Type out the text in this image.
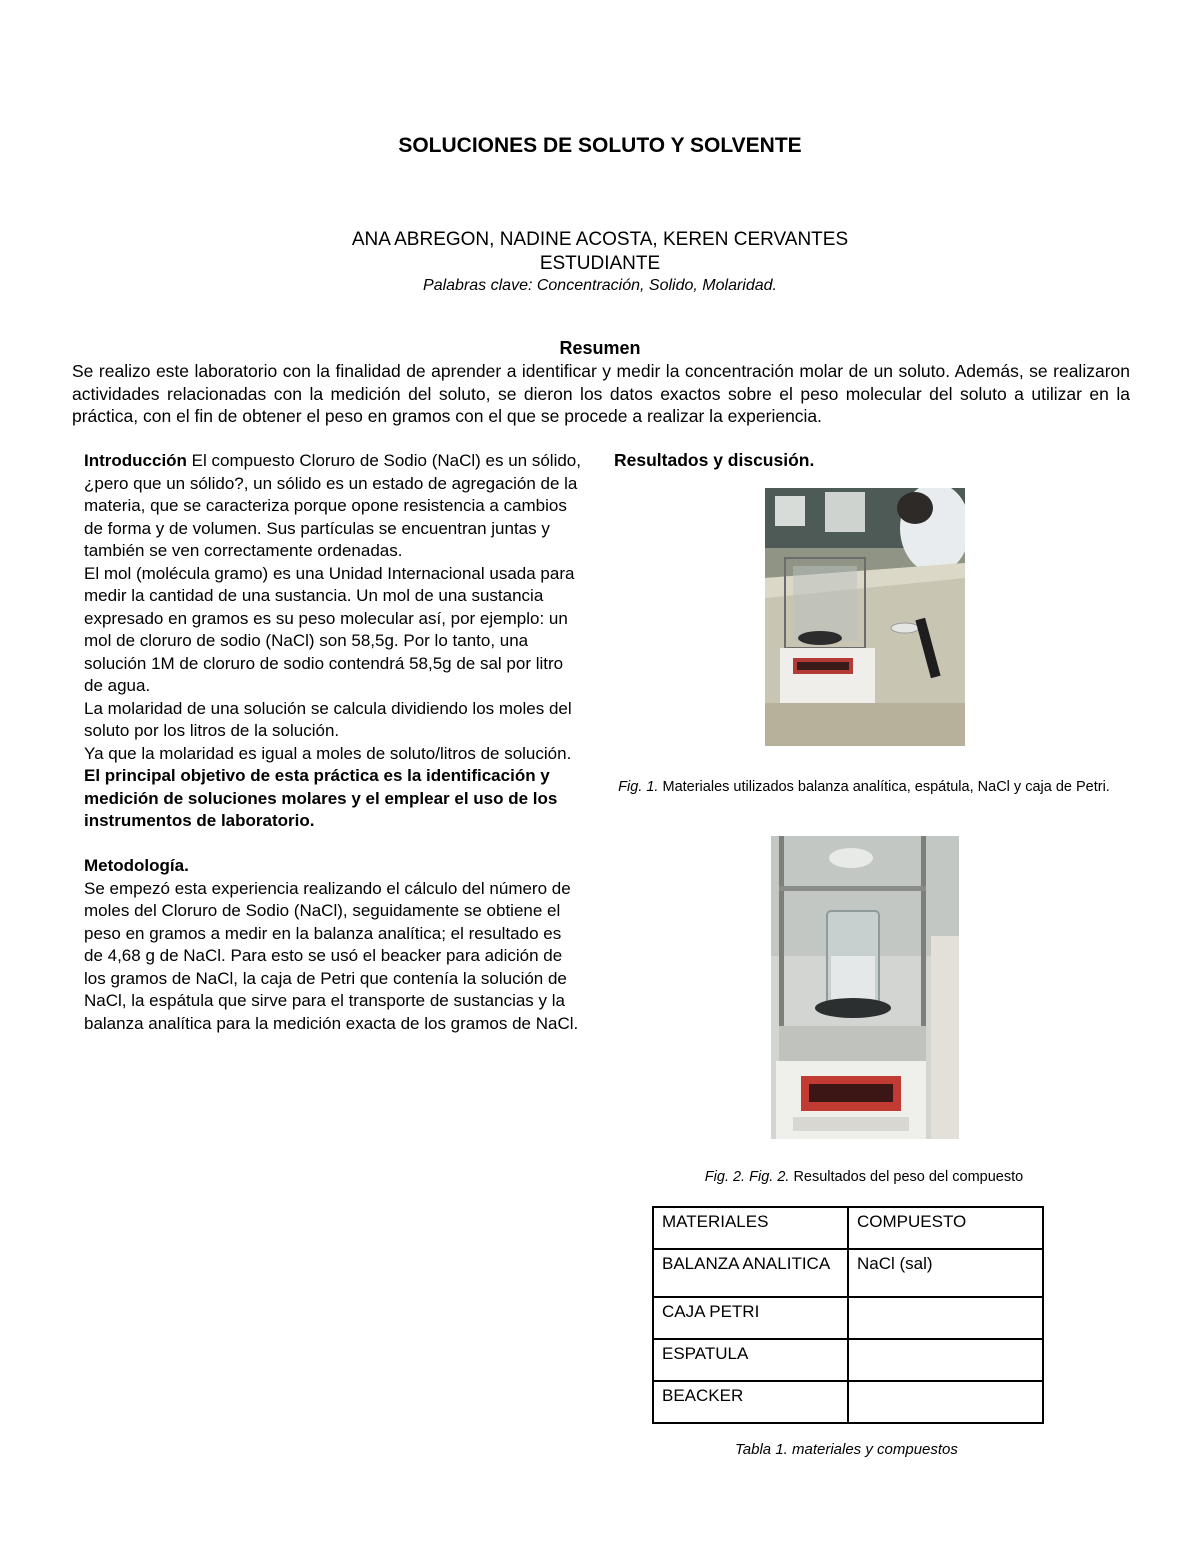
SOLUCIONES DE SOLUTO Y SOLVENTE
ANA ABREGON, NADINE ACOSTA, KEREN CERVANTES
ESTUDIANTE
Palabras clave: Concentración, Solido, Molaridad.
Resumen
Se realizo este laboratorio con la finalidad de aprender a identificar y medir la concentración molar de un soluto. Además, se realizaron actividades relacionadas con la medición del soluto, se dieron los datos exactos sobre el peso molecular del soluto a utilizar en la práctica, con el fin de obtener el peso en gramos con el que se procede a realizar la experiencia.

Introducción El compuesto Cloruro de Sodio (NaCl) es un sólido, ¿pero que un sólido?, un sólido es un estado de agregación de la materia, que se caracteriza porque opone resistencia a cambios de forma y de volumen. Sus partículas se encuentran juntas y también se ven correctamente ordenadas.

El mol (molécula gramo) es una Unidad Internacional usada para medir la cantidad de una sustancia. Un mol de una sustancia expresado en gramos es su peso molecular así, por ejemplo: un mol de cloruro de sodio (NaCl) son 58,5g. Por lo tanto, una solución 1M de cloruro de sodio contendrá 58,5g de sal por litro de agua.

La molaridad de una solución se calcula dividiendo los moles del soluto por los litros de la solución.

Ya que la molaridad es igual a moles de soluto/litros de solución.

El principal objetivo de esta práctica es la identificación y medición de soluciones molares y el emplear el uso de los instrumentos de laboratorio.

Metodología.

Se empezó esta experiencia realizando el cálculo del número de moles del Cloruro de Sodio (NaCl), seguidamente se obtiene el peso en gramos a medir en la balanza analítica; el resultado es de 4,68 g de NaCl. Para esto se usó el beacker para adición de los gramos de NaCl, la caja de Petri que contenía la solución de NaCl, la espátula que sirve para el transporte de sustancias y la balanza analítica para la medición exacta de los gramos de NaCl.

Resultados y discusión.
Fig. 1. Materiales utilizados balanza analítica, espátula, NaCl y caja de Petri.
Fig. 2. Fig. 2. Resultados del peso del compuesto
MATERIALES	COMPUESTO
BALANZA ANALITICA	NaCl (sal)
CAJA PETRI	
ESPATULA	
BEACKER	
Tabla 1. materiales y compuestos
